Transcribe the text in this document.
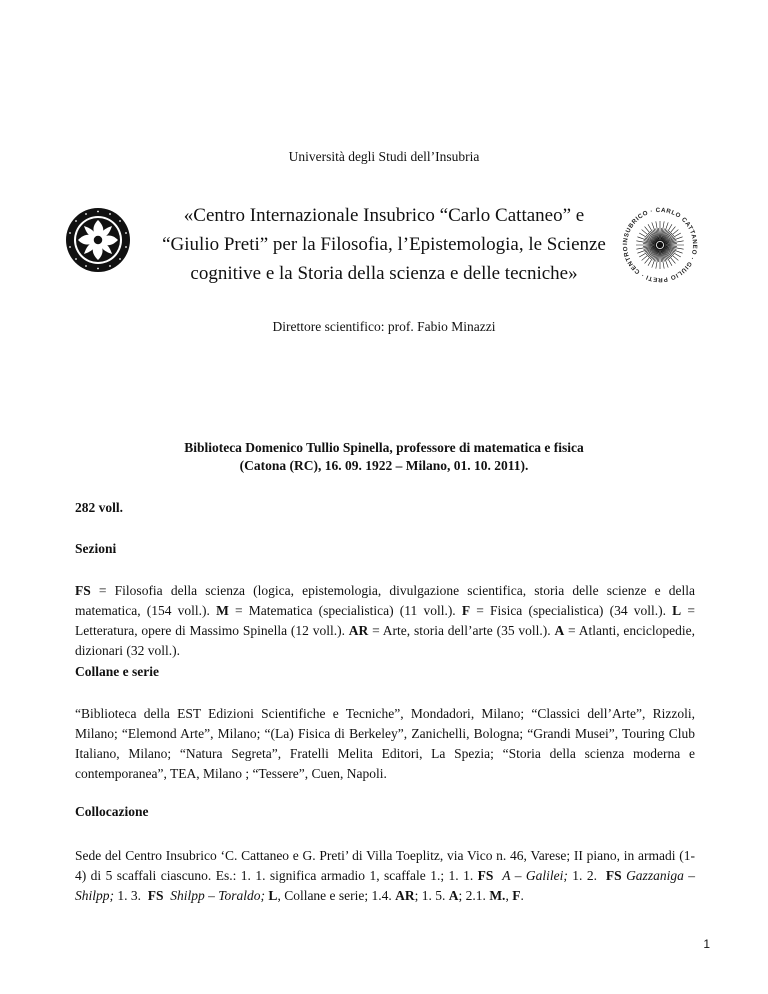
Università degli Studi dell’Insubria
«Centro Internazionale Insubrico “Carlo Cattaneo” e
“Giulio Preti” per la Filosofia, l’Epistemologia, le Scienze
cognitive e la Storia della scienza e delle tecniche»
INSUBRICO · CARLO CATTANEO · GIULIO PRETI · CENTRO
Direttore scientifico: prof. Fabio Minazzi
Biblioteca Domenico Tullio Spinella, professore di matematica e fisica
(Catona (RC), 16. 09. 1922 – Milano, 01. 10. 2011).
282 voll.
Sezioni
FS = Filosofia della scienza (logica, epistemologia, divulgazione scientifica, storia delle scienze e della matematica, (154 voll.). M = Matematica (specialistica) (11 voll.). F = Fisica (specialistica) (34 voll.). L = Letteratura, opere di Massimo Spinella (12 voll.). AR = Arte, storia dell’arte (35 voll.). A = Atlanti, enciclopedie, dizionari (32 voll.).
Collane e serie
“Biblioteca della EST Edizioni Scientifiche e Tecniche”, Mondadori, Milano; “Classici dell’Arte”, Rizzoli, Milano; “Elemond Arte”, Milano; “(La) Fisica di Berkeley”, Zanichelli, Bologna; “Grandi Musei”, Touring Club Italiano, Milano; “Natura Segreta”, Fratelli Melita Editori, La Spezia; “Storia della scienza moderna e contemporanea”, TEA, Milano ; “Tessere”, Cuen, Napoli.
Collocazione
Sede del Centro Insubrico ‘C. Cattaneo e G. Preti’ di Villa Toeplitz, via Vico n. 46, Varese; II piano, in armadi (1-4) di 5 scaffali ciascuno. Es.: 1. 1. significa armadio 1, scaffale 1.; 1. 1. FS A – Galilei; 1. 2.  FS Gazzaniga – Shilpp; 1. 3.  FS Shilpp – Toraldo; L, Collane e serie; 1.4. AR; 1. 5. A; 2.1. M., F.
1
